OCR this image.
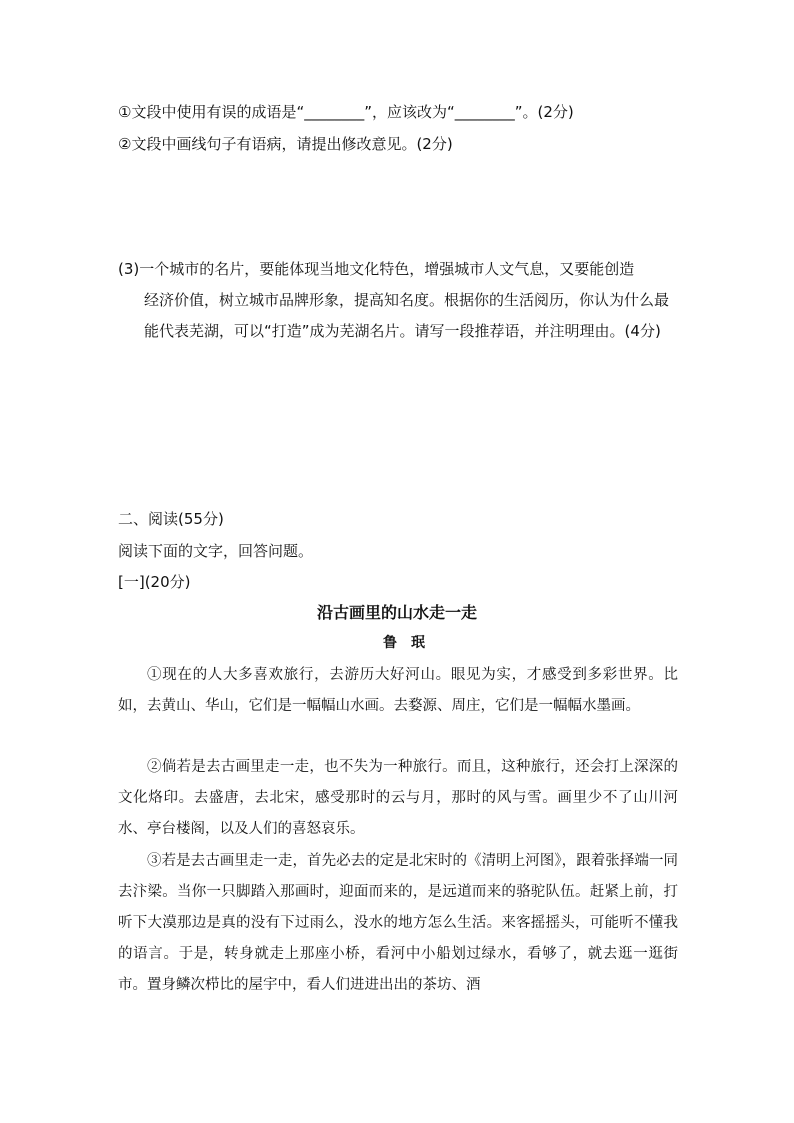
①文段中使用有误的成语是“________”，应该改为“________”。(2分)
②文段中画线句子有语病，请提出修改意见。(2分)
(3)一个城市的名片，要能体现当地文化特色，增强城市人文气息，又要能创造
经济价值，树立城市品牌形象，提高知名度。根据你的生活阅历，你认为什么最能代表芜湖，可以“打造”成为芜湖名片。请写一段推荐语，并注明理由。(4分)
二、阅读(55分)
阅读下面的文字，回答问题。
[一](20分)
沿古画里的山水走一走
鲁珉
①现在的人大多喜欢旅行，去游历大好河山。眼见为实，才感受到多彩世界。比如，去黄山、华山，它们是一幅幅山水画。去婺源、周庄，它们是一幅幅水墨画。
②倘若是去古画里走一走，也不失为一种旅行。而且，这种旅行，还会打上深深的文化烙印。去盛唐，去北宋，感受那时的云与月，那时的风与雪。画里少不了山川河水、亭台楼阁，以及人们的喜怒哀乐。
③若是去古画里走一走，首先必去的定是北宋时的《清明上河图》，跟着张择端一同去汴梁。当你一只脚踏入那画时，迎面而来的，是远道而来的骆驼队伍。赶紧上前，打听下大漠那边是真的没有下过雨么，没水的地方怎么生活。来客摇摇头，可能听不懂我的语言。于是，转身就走上那座小桥，看河中小船划过绿水，看够了，就去逛一逛街市。置身鳞次栉比的屋宇中，看人们进进出出的茶坊、酒
